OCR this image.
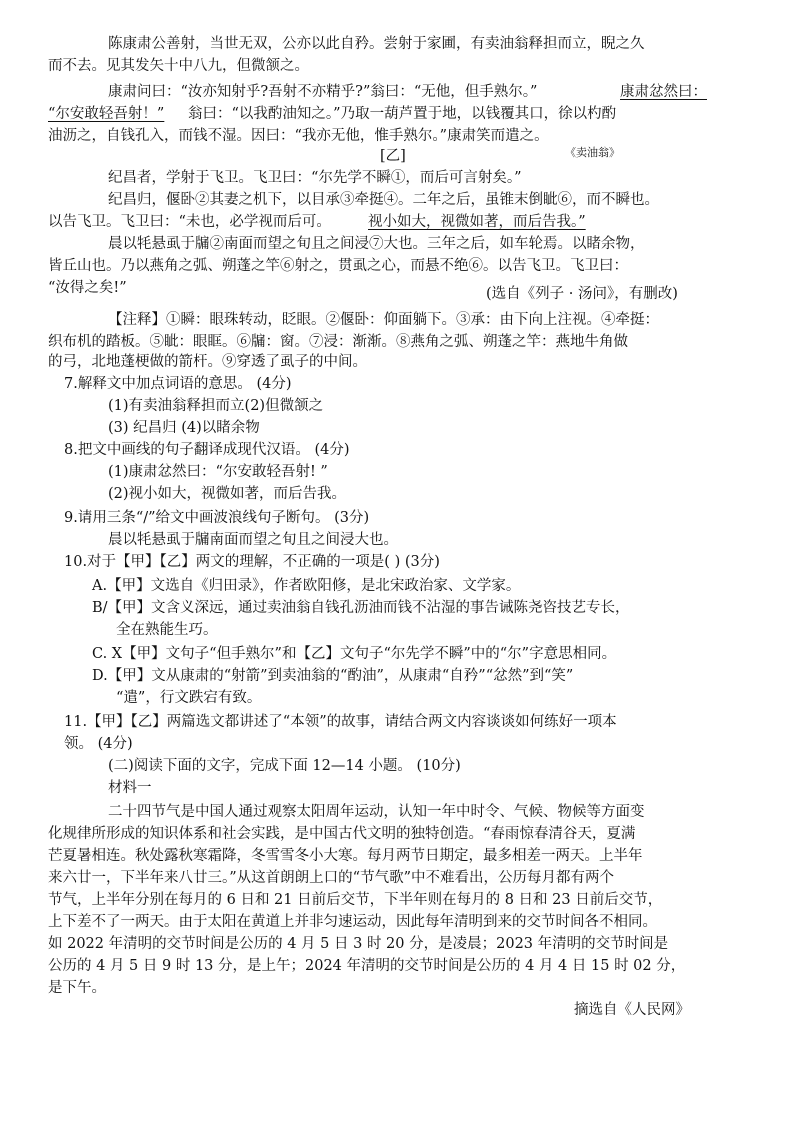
陈康肃公善射，当世无双，公亦以此自矜。尝射于家圃，有卖油翁释担而立，睨之久
而不去。见其发矢十中八九，但微颔之。
康肃问曰：“汝亦知射乎?吾射不亦精乎?”翁曰：“无他，但手熟尔。”	康肃忿然曰：
“尔安敢轻吾射！” 翁曰：“以我酌油知之。”乃取一葫芦置于地，以钱覆其口，徐以杓酌
油沥之，自钱孔入，而钱不湿。因曰：“我亦无他，惟手熟尔。”康肃笑而遣之。
[乙]
纪昌者，学射于飞卫。飞卫曰：“尔先学不瞬①，而后可言射矣。”
纪昌归，偃卧②其妻之机下，以目承③牵挺④。二年之后，虽锥末倒眦⑥，而不瞬也。
以告飞卫。飞卫曰：“未也，必学视而后可。	视小如大，视微如著，而后告我。”
晨以牦悬虱于牖②南面而望之旬且之间浸⑦大也。三年之后，如车轮焉。以睹余物，
皆丘山也。乃以燕角之弧、朔蓬之竿⑥射之，贯虱之心，而悬不绝⑥。以告飞卫。飞卫曰：
“汝得之矣!”	(选自《列子 · 汤问》，有删改)
【注释】①瞬：眼珠转动，眨眼。②偃卧：仰面躺下。③承：由下向上注视。④牵挺：
织布机的踏板。⑤眦：眼眶。⑥牖：窗。⑦浸：渐渐。⑧燕角之弧、朔蓬之竿：燕地牛角做
的弓，北地蓬梗做的箭杆。⑨穿透了虱子的中间。
7.解释文中加点词语的意思。 (4分)
(1)有卖油翁释担而立(2)但微颔之
(3) 纪昌归 (4)以睹余物
8.把文中画线的句子翻译成现代汉语。 (4分)
(1)康肃忿然曰：“尔安敢轻吾射! ”
(2)视小如大，视微如著，而后告我。
9.请用三条“/”给文中画波浪线句子断句。 (3分)
晨以牦悬虱于牖南面而望之旬且之间浸大也。
10.对于【甲】【乙】两文的理解，不正确的一项是( ) (3分)
A.【甲】文选自《归田录》，作者欧阳修，是北宋政治家、文学家。
B/【甲】文含义深远，通过卖油翁自钱孔沥油而钱不沾湿的事告诫陈尧咨技艺专长，
全在熟能生巧。
C. X【甲】文句子“但手熟尔”和【乙】文句子“尔先学不瞬”中的“尔”字意思相同。
D.【甲】文从康肃的“射箭”到卖油翁的“酌油”，从康肃“自矜”“忿然”到“笑”
“遣”，行文跌宕有致。
11.【甲】【乙】两篇选文都讲述了“本领”的故事，请结合两文内容谈谈如何练好一项本
领。 (4分)
(二)阅读下面的文字，完成下面 12—14 小题。 (10分)
材料一
二十四节气是中国人通过观察太阳周年运动，认知一年中时令、气候、物候等方面变
化规律所形成的知识体系和社会实践，是中国古代文明的独特创造。“春雨惊春清谷天，夏满
芒夏暑相连。秋处露秋寒霜降，冬雪雪冬小大寒。每月两节日期定，最多相差一两天。上半年
来六廿一，下半年来八廿三。”从这首朗朗上口的“节气歌”中不难看出，公历每月都有两个
节气，上半年分别在每月的 6 日和 21 日前后交节，下半年则在每月的 8 日和 23 日前后交节，
上下差不了一两天。由于太阳在黄道上并非匀速运动，因此每年清明到来的交节时间各不相同。
如 2022 年清明的交节时间是公历的 4 月 5 日 3 时 20 分，是凌晨；2023 年清明的交节时间是
公历的 4 月 5 日 9 时 13 分，是上午；2024 年清明的交节时间是公历的 4 月 4 日 15 时 02 分，
是下午。
摘选自《人民网》
《卖油翁》
